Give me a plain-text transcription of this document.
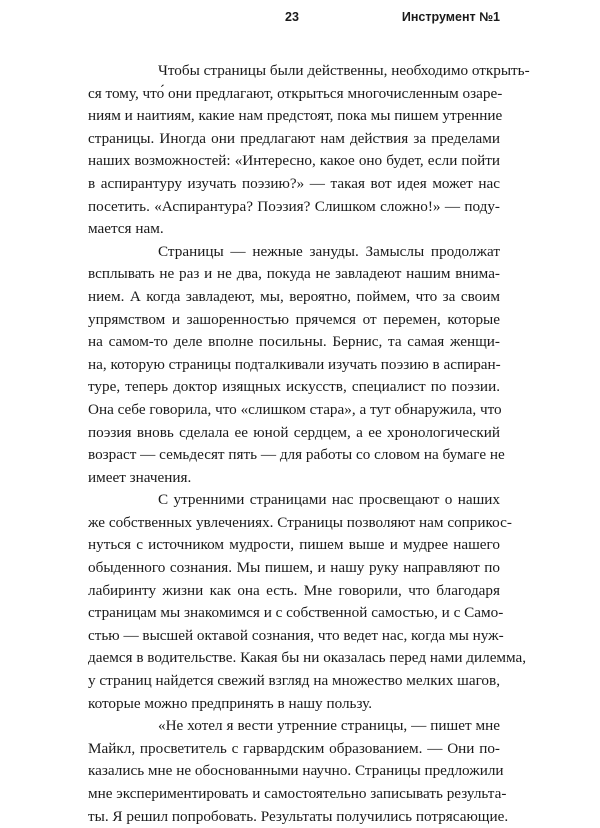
23	Инструмент №1
Чтобы страницы были действенны, необходимо открыть-
ся тому, что́ они предлагают, открыться многочисленным озаре-
ниям и наитиям, какие нам предстоят, пока мы пишем утренние
страницы. Иногда они предлагают нам действия за пределами
наших возможностей: «Интересно, какое оно будет, если пойти
в аспирантуру изучать поэзию?» — такая вот идея может нас
посетить. «Аспирантура? Поэзия? Слишком сложно!» — поду-
мается нам.
Страницы — нежные зануды. Замыслы продолжат
всплывать не раз и не два, покуда не завладеют нашим внима-
нием. А когда завладеют, мы, вероятно, поймем, что за своим
упрямством и зашоренностью прячемся от перемен, которые
на самом-то деле вполне посильны. Бернис, та самая женщи-
на, которую страницы подталкивали изучать поэзию в аспиран-
туре, теперь доктор изящных искусств, специалист по поэзии.
Она себе говорила, что «слишком стара», а тут обнаружила, что
поэзия вновь сделала ее юной сердцем, а ее хронологический
возраст — семьдесят пять — для работы со словом на бумаге не
имеет значения.
С утренними страницами нас просвещают о наших
же собственных увлечениях. Страницы позволяют нам соприкос-
нуться с источником мудрости, пишем выше и мудрее нашего
обыденного сознания. Мы пишем, и нашу руку направляют по
лабиринту жизни как она есть. Мне говорили, что благодаря
страницам мы знакомимся и с собственной самостью, и с Само-
стью — высшей октавой сознания, что ведет нас, когда мы нуж-
даемся в водительстве. Какая бы ни оказалась перед нами дилемма,
у страниц найдется свежий взгляд на множество мелких шагов,
которые можно предпринять в нашу пользу.
«Не хотел я вести утренние страницы, — пишет мне
Майкл, просветитель с гарвардским образованием. — Они по-
казались мне не обоснованными научно. Страницы предложили
мне экспериментировать и самостоятельно записывать результа-
ты. Я решил попробовать. Результаты получились потрясающие.
